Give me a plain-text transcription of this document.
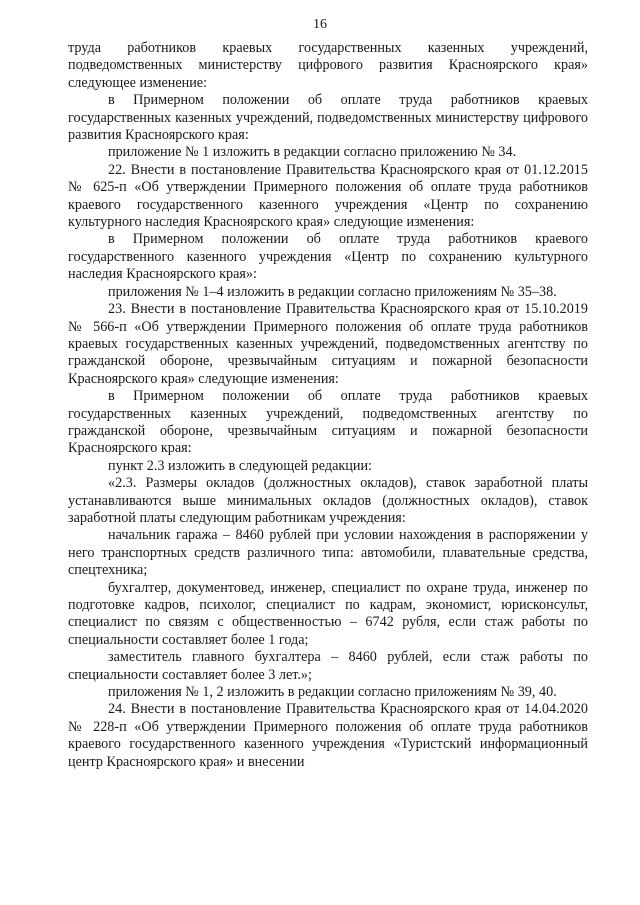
16

труда работников краевых государственных казенных учреждений, подведомственных министерству цифрового развития Красноярского края» следующее изменение:

в Примерном положении об оплате труда работников краевых государственных казенных учреждений, подведомственных министерству цифрового развития Красноярского края:

приложение № 1 изложить в редакции согласно приложению № 34.

22. Внести в постановление Правительства Красноярского края от 01.12.2015 № 625-п «Об утверждении Примерного положения об оплате труда работников краевого государственного казенного учреждения «Центр по сохранению культурного наследия Красноярского края» следующие изменения:

в Примерном положении об оплате труда работников краевого государственного казенного учреждения «Центр по сохранению культурного наследия Красноярского края»:

приложения № 1–4 изложить в редакции согласно приложениям № 35–38.

23. Внести в постановление Правительства Красноярского края от 15.10.2019 № 566-п «Об утверждении Примерного положения об оплате труда работников краевых государственных казенных учреждений, подведомственных агентству по гражданской обороне, чрезвычайным ситуациям и пожарной безопасности Красноярского края» следующие изменения:

в Примерном положении об оплате труда работников краевых государственных казенных учреждений, подведомственных агентству по гражданской обороне, чрезвычайным ситуациям и пожарной безопасности Красноярского края:

пункт 2.3 изложить в следующей редакции:

«2.3. Размеры окладов (должностных окладов), ставок заработной платы устанавливаются выше минимальных окладов (должностных окладов), ставок заработной платы следующим работникам учреждения:

начальник гаража – 8460 рублей при условии нахождения в распоряжении у него транспортных средств различного типа: автомобили, плавательные средства, спецтехника;

бухгалтер, документовед, инженер, специалист по охране труда, инженер по подготовке кадров, психолог, специалист по кадрам, экономист, юрисконсульт, специалист по связям с общественностью – 6742 рубля, если стаж работы по специальности составляет более 1 года;

заместитель главного бухгалтера – 8460 рублей, если стаж работы по специальности составляет более 3 лет.»;

приложения № 1, 2 изложить в редакции согласно приложениям № 39, 40.

24. Внести в постановление Правительства Красноярского края от 14.04.2020 № 228-п «Об утверждении Примерного положения об оплате труда работников краевого государственного казенного учреждения «Туристский информационный центр Красноярского края» и внесении
